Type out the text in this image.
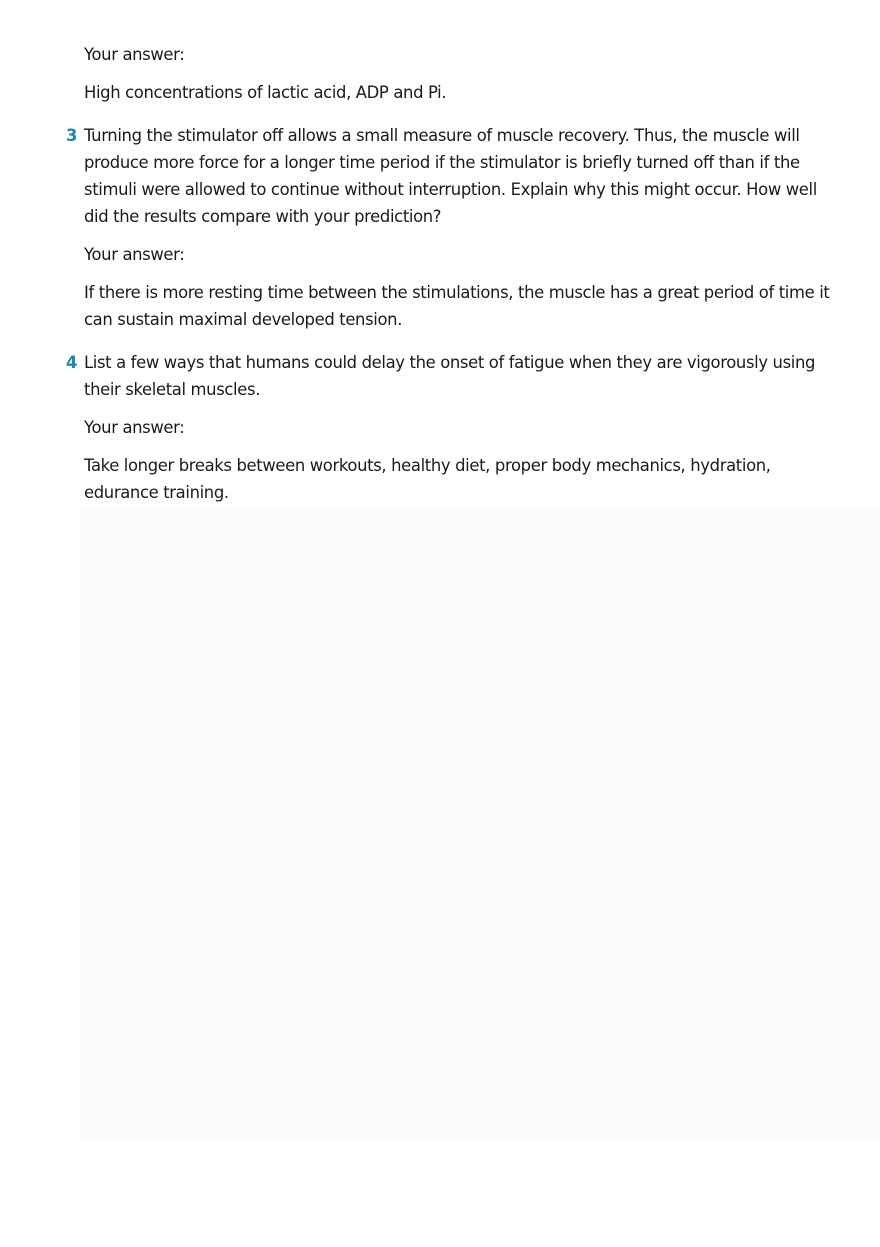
Your answer:
High concentrations of lactic acid, ADP and Pi.
3 Turning the stimulator off allows a small measure of muscle recovery. Thus, the muscle will produce more force for a longer time period if the stimulator is briefly turned off than if the stimuli were allowed to continue without interruption. Explain why this might occur. How well did the results compare with your prediction?
Your answer:
If there is more resting time between the stimulations, the muscle has a great period of time it can sustain maximal developed tension.
4 List a few ways that humans could delay the onset of fatigue when they are vigorously using their skeletal muscles.
Your answer:
Take longer breaks between workouts, healthy diet, proper body mechanics, hydration, edurance training.
